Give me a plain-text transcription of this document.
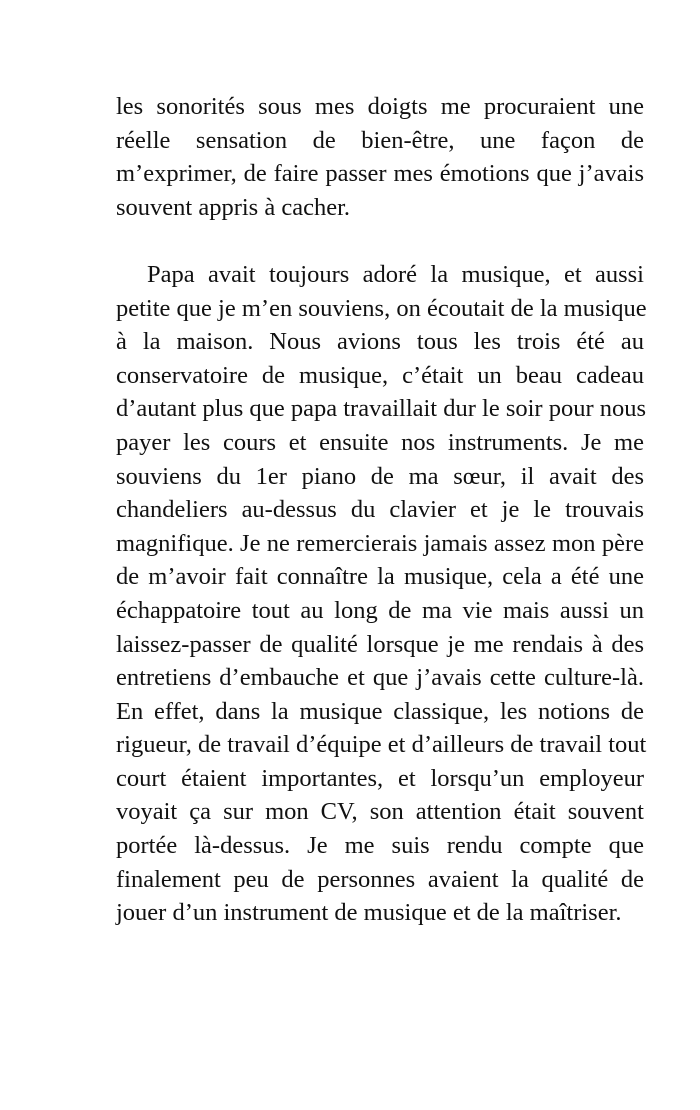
les sonorités sous mes doigts me procuraient une
réelle sensation de bien-être, une façon de
m’exprimer, de faire passer mes émotions que j’avais
souvent appris à cacher.
Papa avait toujours adoré la musique, et aussi
petite que je m’en souviens, on écoutait de la musique
à la maison. Nous avions tous les trois été au
conservatoire de musique, c’était un beau cadeau
d’autant plus que papa travaillait dur le soir pour nous
payer les cours et ensuite nos instruments. Je me
souviens du 1er piano de ma sœur, il avait des
chandeliers au-dessus du clavier et je le trouvais
magnifique. Je ne remercierais jamais assez mon père
de m’avoir fait connaître la musique, cela a été une
échappatoire tout au long de ma vie mais aussi un
laissez-passer de qualité lorsque je me rendais à des
entretiens d’embauche et que j’avais cette culture-là.
En effet, dans la musique classique, les notions de
rigueur, de travail d’équipe et d’ailleurs de travail tout
court étaient importantes, et lorsqu’un employeur
voyait ça sur mon CV, son attention était souvent
portée là-dessus. Je me suis rendu compte que
finalement peu de personnes avaient la qualité de
jouer d’un instrument de musique et de la maîtriser.
